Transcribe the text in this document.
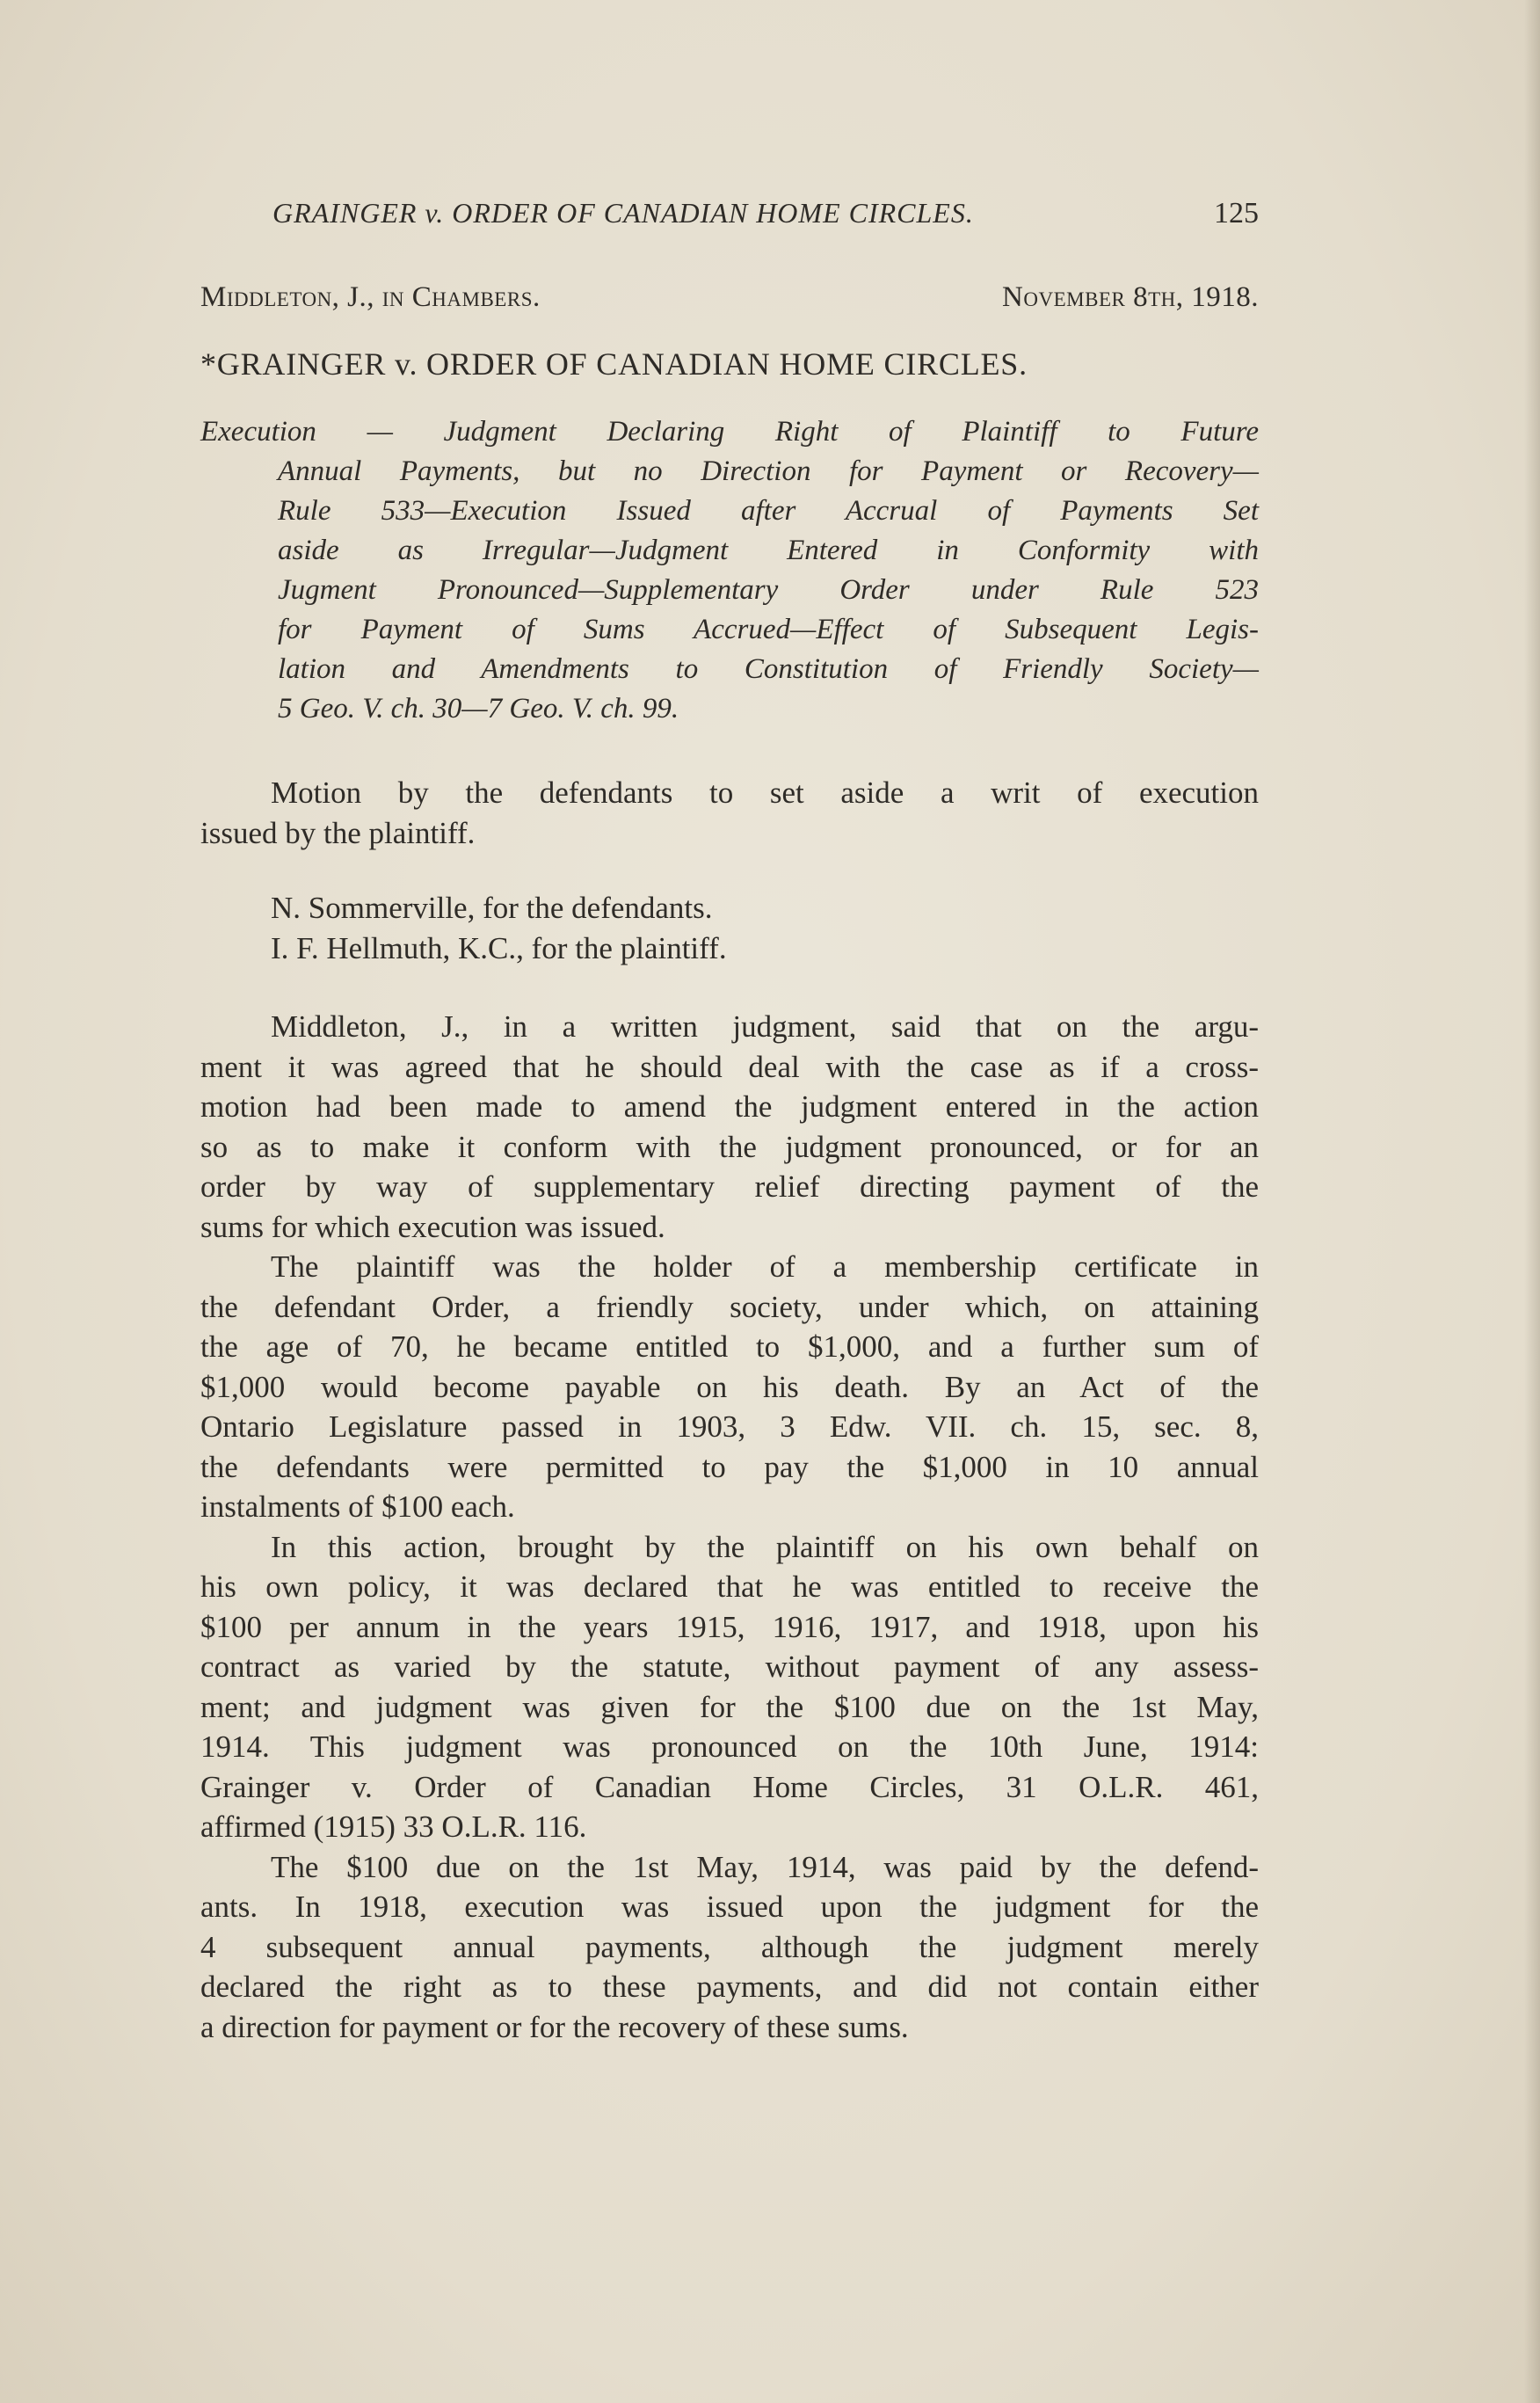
GRAINGER v. ORDER OF CANADIAN HOME CIRCLES.	125
Middleton, J., in Chambers.	November 8th, 1918.
*GRAINGER v. ORDER OF CANADIAN HOME CIRCLES.
Execution — Judgment Declaring Right of Plaintiff to Future
Annual Payments, but no Direction for Payment or Recovery—
Rule 533—Execution Issued after Accrual of Payments Set
aside as Irregular—Judgment Entered in Conformity with
Jugment Pronounced—Supplementary Order under Rule 523
for Payment of Sums Accrued—Effect of Subsequent Legis-
lation and Amendments to Constitution of Friendly Society—
5 Geo. V. ch. 30—7 Geo. V. ch. 99.
Motion by the defendants to set aside a writ of execution
issued by the plaintiff.
N. Sommerville, for the defendants.
I. F. Hellmuth, K.C., for the plaintiff.
Middleton, J., in a written judgment, said that on the argu-
ment it was agreed that he should deal with the case as if a cross-
motion had been made to amend the judgment entered in the action
so as to make it conform with the judgment pronounced, or for an
order by way of supplementary relief directing payment of the
sums for which execution was issued.
The plaintiff was the holder of a membership certificate in
the defendant Order, a friendly society, under which, on attaining
the age of 70, he became entitled to $1,000, and a further sum of
$1,000 would become payable on his death. By an Act of the
Ontario Legislature passed in 1903, 3 Edw. VII. ch. 15, sec. 8,
the defendants were permitted to pay the $1,000 in 10 annual
instalments of $100 each.
In this action, brought by the plaintiff on his own behalf on
his own policy, it was declared that he was entitled to receive the
$100 per annum in the years 1915, 1916, 1917, and 1918, upon his
contract as varied by the statute, without payment of any assess-
ment; and judgment was given for the $100 due on the 1st May,
1914. This judgment was pronounced on the 10th June, 1914:
Grainger v. Order of Canadian Home Circles, 31 O.L.R. 461,
affirmed (1915) 33 O.L.R. 116.
The $100 due on the 1st May, 1914, was paid by the defend-
ants. In 1918, execution was issued upon the judgment for the
4 subsequent annual payments, although the judgment merely
declared the right as to these payments, and did not contain either
a direction for payment or for the recovery of these sums.
